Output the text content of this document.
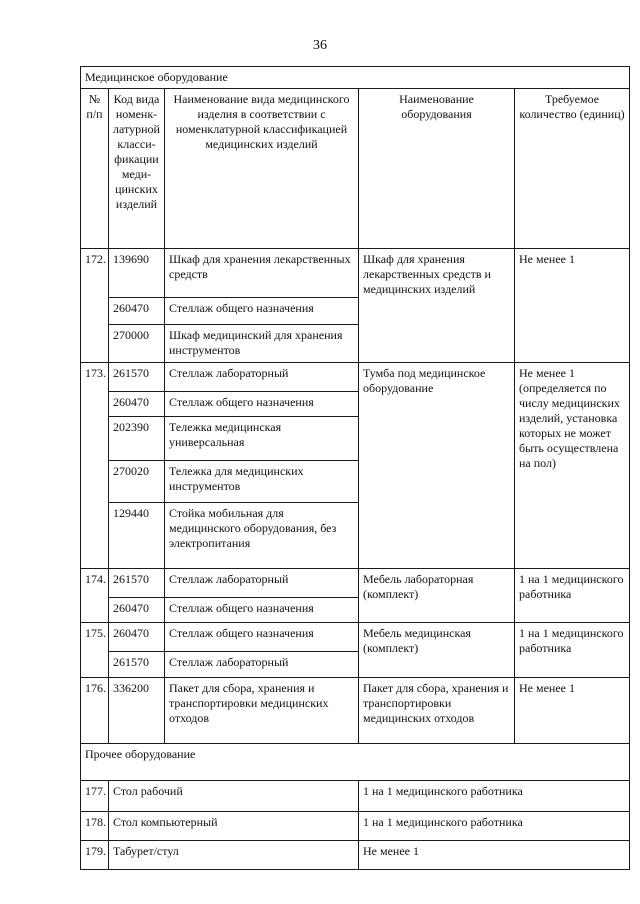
36
Медицинское оборудование				
№ п/п	Код вида номенк-латурной класси-фикации меди-цинских изделий	Наименование вида медицинского изделия в соответствии с номенклатурной классификацией медицинских изделий	Наименование оборудования	Требуемое количество (единиц)
172.	139690	Шкаф для хранения лекарственных средств	Шкаф для хранения лекарственных средств и медицинских изделий	Не менее 1
	260470	Стеллаж общего назначения		
	270000	Шкаф медицинский для хранения инструментов		
173.	261570	Стеллаж лабораторный	Тумба под медицинское оборудование	Не менее 1 (определяется по числу медицинских изделий, установка которых не может быть осуществлена на пол)
	260470	Стеллаж общего назначения		
	202390	Тележка медицинская универсальная		
	270020	Тележка для медицинских инструментов		
	129440	Стойка мобильная для медицинского оборудования, без электропитания		
174.	261570	Стеллаж лабораторный	Мебель лабораторная (комплект)	1 на 1 медицинского работника
	260470	Стеллаж общего назначения		
175.	260470	Стеллаж общего назначения	Мебель медицинская (комплект)	1 на 1 медицинского работника
	261570	Стеллаж лабораторный		
176.	336200	Пакет для сбора, хранения и транспортировки медицинских отходов	Пакет для сбора, хранения и транспортировки медицинских отходов	Не менее 1
Прочее оборудование				
177.	Стол рабочий		1 на 1 медицинского работника	
178.	Стол компьютерный		1 на 1 медицинского работника	
179.	Табурет/стул		Не менее 1	
